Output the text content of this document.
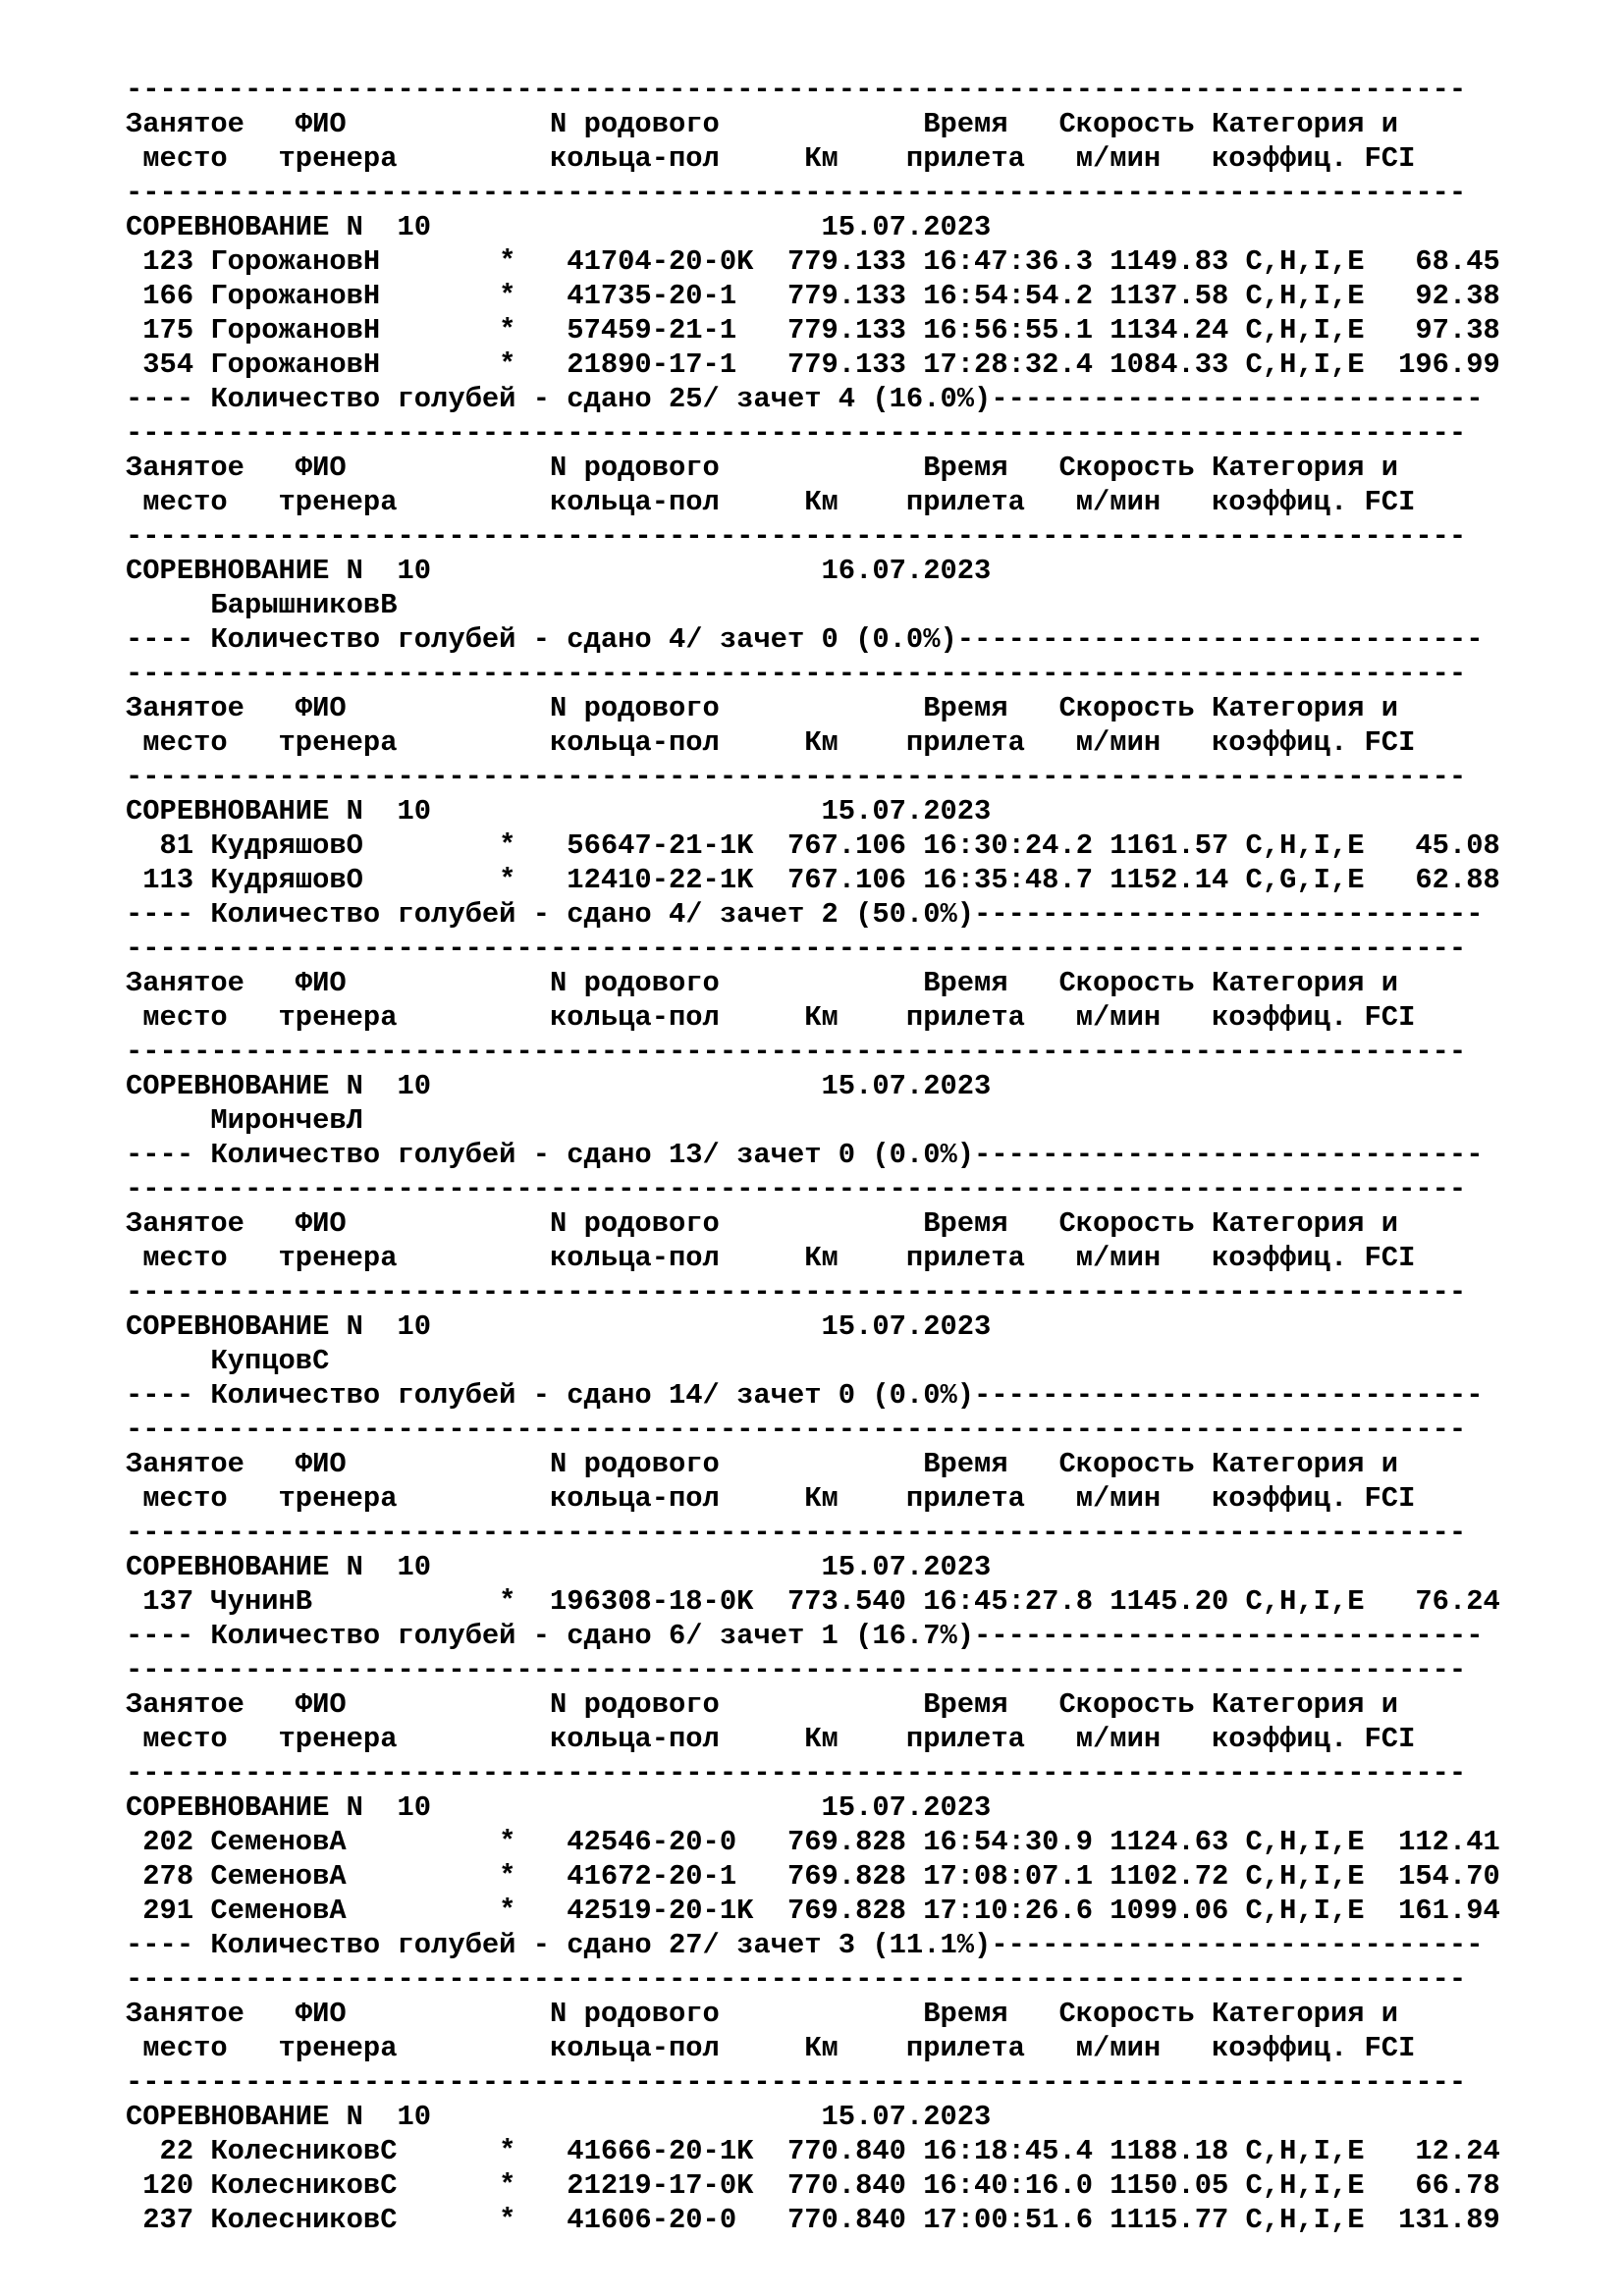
-------------------------------------------------------------------------------
Занятое   ФИО            N родового            Время   Скорость Категория и
место   тренера         кольца-пол     Км    прилета   м/мин   коэффиц. FCI
-------------------------------------------------------------------------------
СОРЕВНОВАНИЕ N  10                       15.07.2023
123 ГорожановН       *   41704-20-0K  779.133 16:47:36.3 1149.83 C,H,I,E   68.45
166 ГорожановН       *   41735-20-1   779.133 16:54:54.2 1137.58 C,H,I,E   92.38
175 ГорожановН       *   57459-21-1   779.133 16:56:55.1 1134.24 C,H,I,E   97.38
354 ГорожановН       *   21890-17-1   779.133 17:28:32.4 1084.33 C,H,I,E  196.99
---- Количество голубей - сдано 25/ зачет 4 (16.0%)-----------------------------
-------------------------------------------------------------------------------
Занятое   ФИО            N родового            Время   Скорость Категория и
место   тренера         кольца-пол     Км    прилета   м/мин   коэффиц. FCI
-------------------------------------------------------------------------------
СОРЕВНОВАНИЕ N  10                       16.07.2023
БарышниковВ
---- Количество голубей - сдано 4/ зачет 0 (0.0%)-------------------------------
-------------------------------------------------------------------------------
Занятое   ФИО            N родового            Время   Скорость Категория и
место   тренера         кольца-пол     Км    прилета   м/мин   коэффиц. FCI
-------------------------------------------------------------------------------
СОРЕВНОВАНИЕ N  10                       15.07.2023
81 КудряшовО        *   56647-21-1K  767.106 16:30:24.2 1161.57 C,H,I,E   45.08
113 КудряшовО        *   12410-22-1K  767.106 16:35:48.7 1152.14 C,G,I,E   62.88
---- Количество голубей - сдано 4/ зачет 2 (50.0%)------------------------------
-------------------------------------------------------------------------------
Занятое   ФИО            N родового            Время   Скорость Категория и
место   тренера         кольца-пол     Км    прилета   м/мин   коэффиц. FCI
-------------------------------------------------------------------------------
СОРЕВНОВАНИЕ N  10                       15.07.2023
МирончевЛ
---- Количество голубей - сдано 13/ зачет 0 (0.0%)------------------------------
-------------------------------------------------------------------------------
Занятое   ФИО            N родового            Время   Скорость Категория и
место   тренера         кольца-пол     Км    прилета   м/мин   коэффиц. FCI
-------------------------------------------------------------------------------
СОРЕВНОВАНИЕ N  10                       15.07.2023
КупцовС
---- Количество голубей - сдано 14/ зачет 0 (0.0%)------------------------------
-------------------------------------------------------------------------------
Занятое   ФИО            N родового            Время   Скорость Категория и
место   тренера         кольца-пол     Км    прилета   м/мин   коэффиц. FCI
-------------------------------------------------------------------------------
СОРЕВНОВАНИЕ N  10                       15.07.2023
137 ЧунинВ           *  196308-18-0K  773.540 16:45:27.8 1145.20 C,H,I,E   76.24
---- Количество голубей - сдано 6/ зачет 1 (16.7%)------------------------------
-------------------------------------------------------------------------------
Занятое   ФИО            N родового            Время   Скорость Категория и
место   тренера         кольца-пол     Км    прилета   м/мин   коэффиц. FCI
-------------------------------------------------------------------------------
СОРЕВНОВАНИЕ N  10                       15.07.2023
202 СеменовА         *   42546-20-0   769.828 16:54:30.9 1124.63 C,H,I,E  112.41
278 СеменовА         *   41672-20-1   769.828 17:08:07.1 1102.72 C,H,I,E  154.70
291 СеменовА         *   42519-20-1K  769.828 17:10:26.6 1099.06 C,H,I,E  161.94
---- Количество голубей - сдано 27/ зачет 3 (11.1%)-----------------------------
-------------------------------------------------------------------------------
Занятое   ФИО            N родового            Время   Скорость Категория и
место   тренера         кольца-пол     Км    прилета   м/мин   коэффиц. FCI
-------------------------------------------------------------------------------
СОРЕВНОВАНИЕ N  10                       15.07.2023
22 КолесниковС      *   41666-20-1K  770.840 16:18:45.4 1188.18 C,H,I,E   12.24
120 КолесниковС      *   21219-17-0K  770.840 16:40:16.0 1150.05 C,H,I,E   66.78
237 КолесниковС      *   41606-20-0   770.840 17:00:51.6 1115.77 C,H,I,E  131.89
